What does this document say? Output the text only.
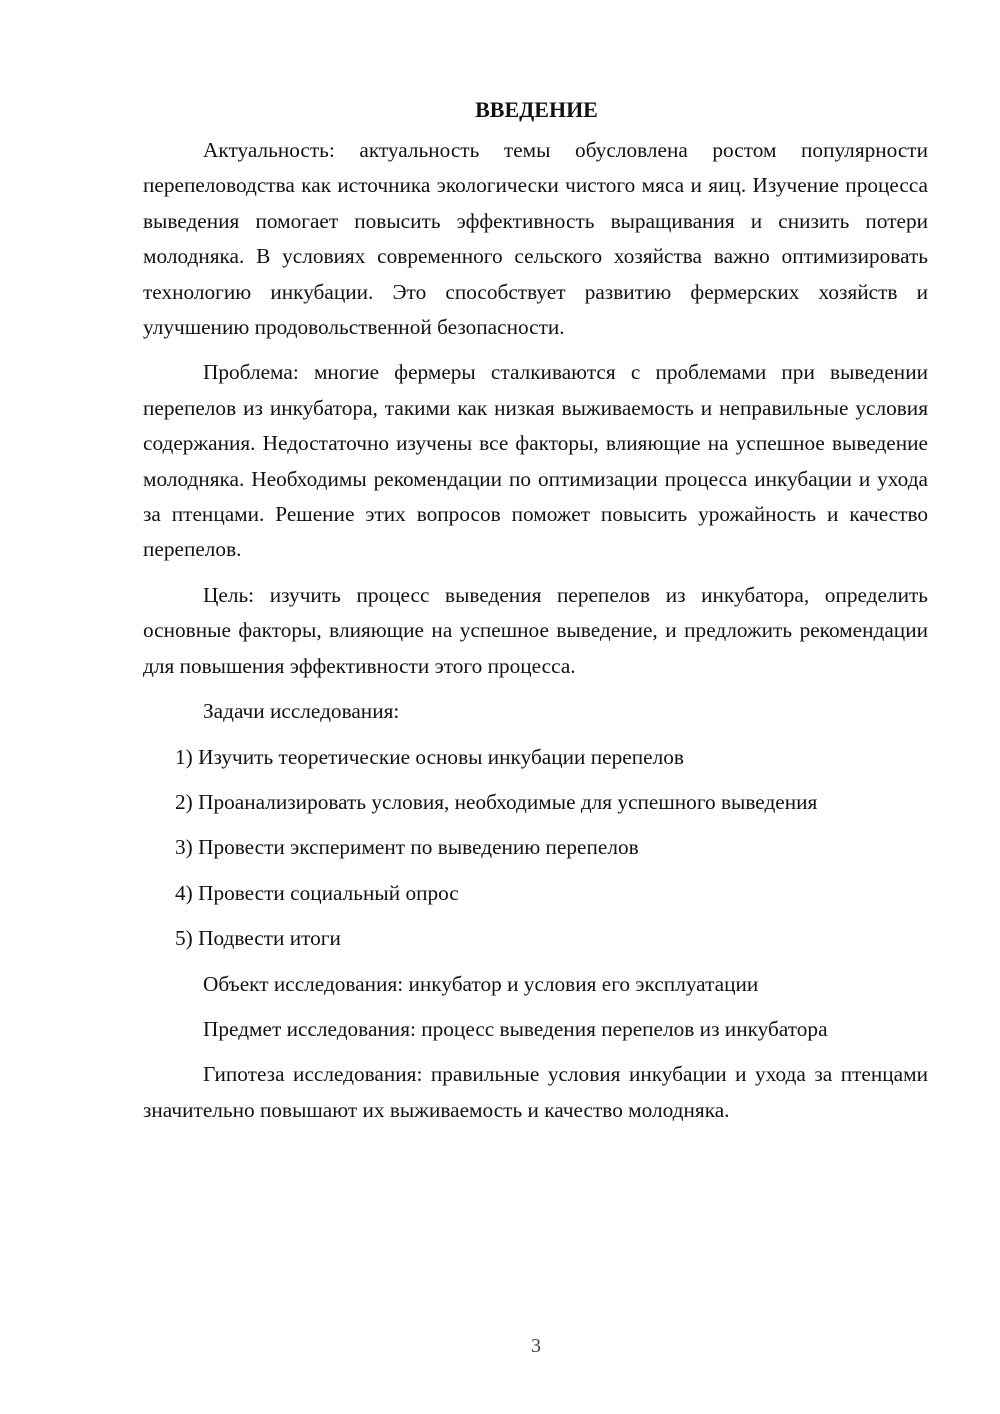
ВВЕДЕНИЕ

Актуальность: актуальность темы обусловлена ростом популярности перепеловодства как источника экологически чистого мяса и яиц. Изучение процесса выведения помогает повысить эффективность выращивания и снизить потери молодняка. В условиях современного сельского хозяйства важно оптимизировать технологию инкубации. Это способствует развитию фермерских хозяйств и улучшению продовольственной безопасности.

Проблема: многие фермеры сталкиваются с проблемами при выведении перепелов из инкубатора, такими как низкая выживаемость и неправильные условия содержания. Недостаточно изучены все факторы, влияющие на успешное выведение молодняка. Необходимы рекомендации по оптимизации процесса инкубации и ухода за птенцами. Решение этих вопросов поможет повысить урожайность и качество перепелов.

Цель: изучить процесс выведения перепелов из инкубатора, определить основные факторы, влияющие на успешное выведение, и предложить рекомендации для повышения эффективности этого процесса.

Задачи исследования:
1) Изучить теоретические основы инкубации перепелов
2) Проанализировать условия, необходимые для успешного выведения
3) Провести эксперимент по выведению перепелов
4) Провести социальный опрос
5) Подвести итоги
Объект исследования: инкубатор и условия его эксплуатации
Предмет исследования: процесс выведения перепелов из инкубатора

Гипотеза исследования: правильные условия инкубации и ухода за птенцами значительно повышают их выживаемость и качество молодняка.

3
